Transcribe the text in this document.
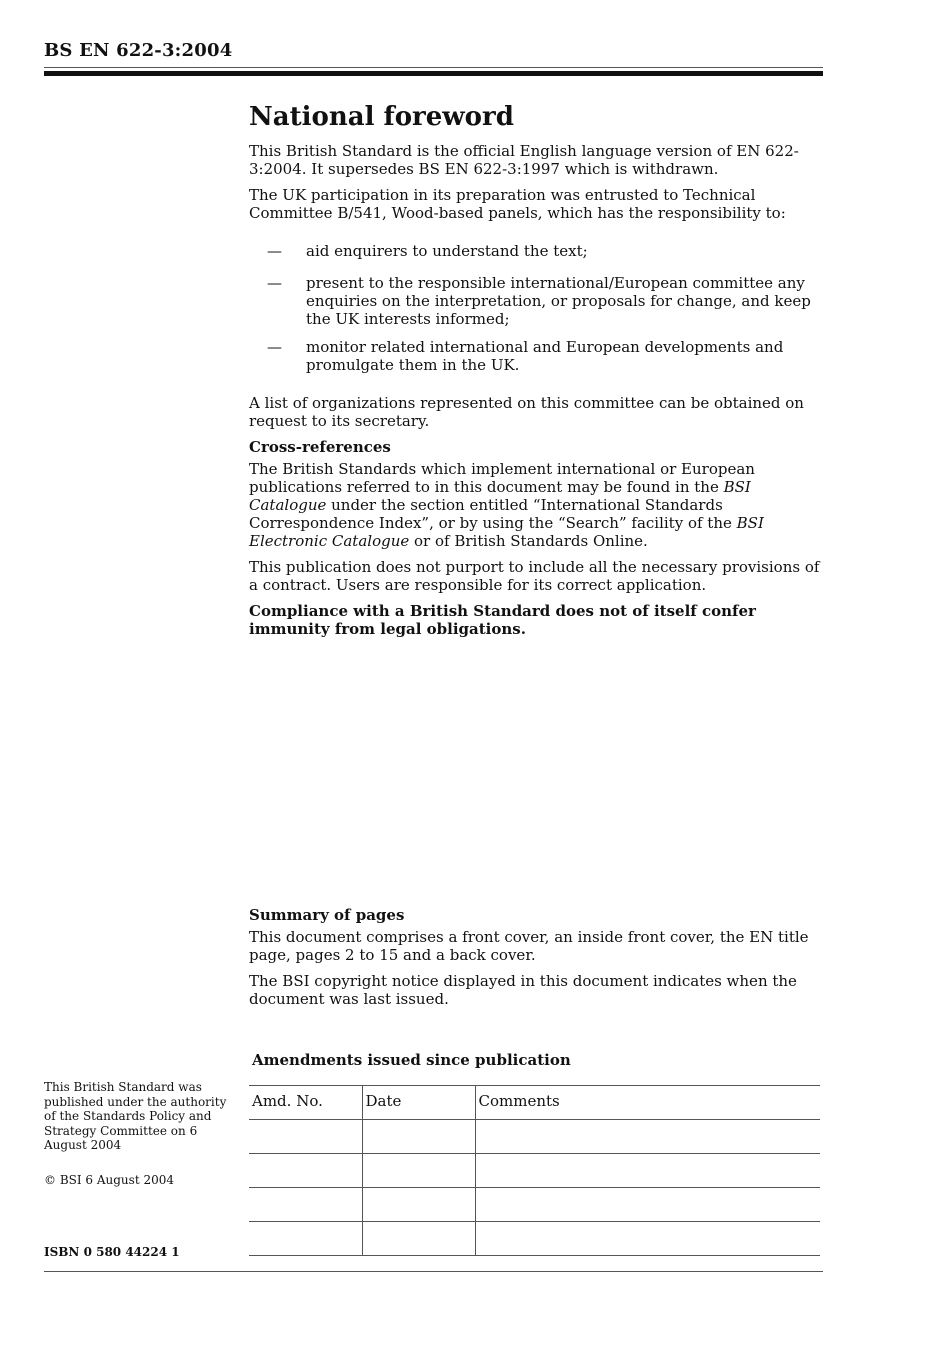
BS EN 622-3:2004
National foreword

This British Standard is the official English language version of EN 622-3:2004. It supersedes BS EN 622-3:1997 which is withdrawn.

The UK participation in its preparation was entrusted to Technical Committee B/541, Wood-based panels, which has the responsibility to:

— aid enquirers to understand the text;
— present to the responsible international/European committee any enquiries on the interpretation, or proposals for change, and keep the UK interests informed;
— monitor related international and European developments and promulgate them in the UK.

A list of organizations represented on this committee can be obtained on request to its secretary.

Cross-references

The British Standards which implement international or European publications referred to in this document may be found in the BSI Catalogue under the section entitled “International Standards Correspondence Index”, or by using the “Search” facility of the BSI Electronic Catalogue or of British Standards Online.

This publication does not purport to include all the necessary provisions of a contract. Users are responsible for its correct application.

Compliance with a British Standard does not of itself confer immunity from legal obligations.

Summary of pages

This document comprises a front cover, an inside front cover, the EN title page, pages 2 to 15 and a back cover.

The BSI copyright notice displayed in this document indicates when the document was last issued.

Amendments issued since publication
Amd. No.	Date	Comments

This British Standard was published under the authority of the Standards Policy and Strategy Committee on 6 August 2004
© BSI 6 August 2004
ISBN 0 580 44224 1
